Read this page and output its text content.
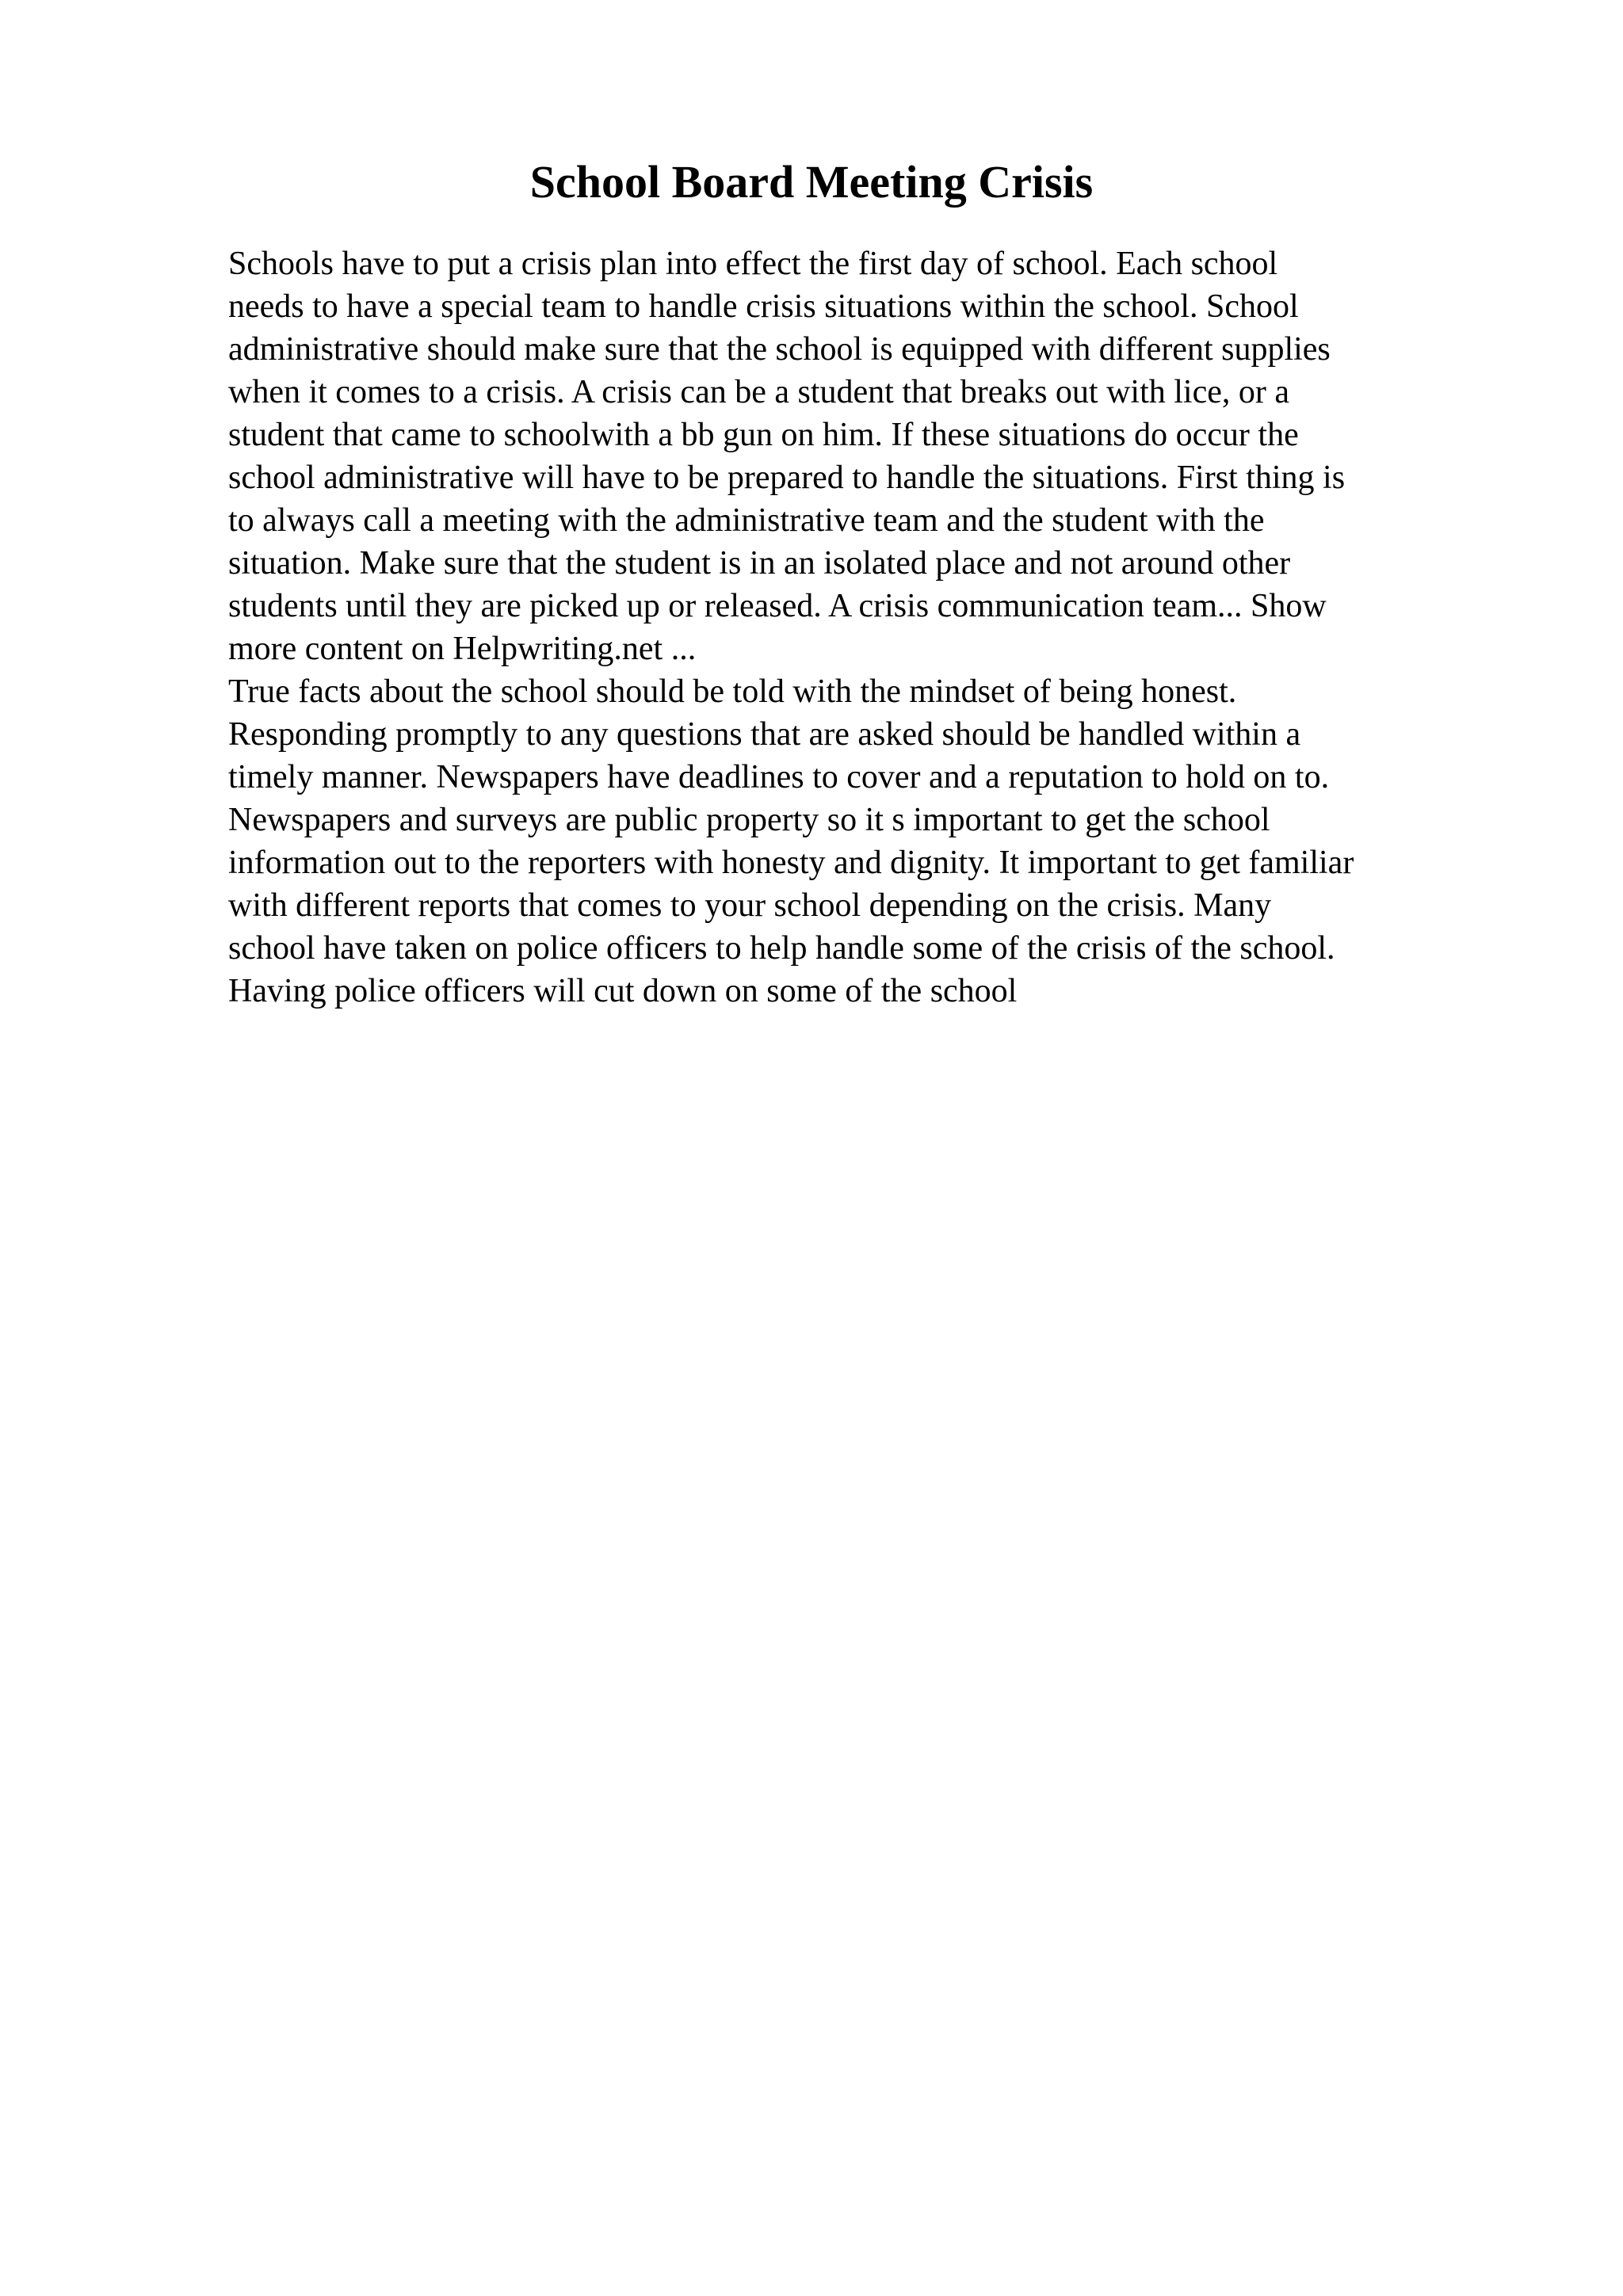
School Board Meeting Crisis
Schools have to put a crisis plan into effect the first day of school. Each school
needs to have a special team to handle crisis situations within the school. School
administrative should make sure that the school is equipped with different supplies
when it comes to a crisis. A crisis can be a student that breaks out with lice, or a
student that came to schoolwith a bb gun on him. If these situations do occur the
school administrative will have to be prepared to handle the situations. First thing is
to always call a meeting with the administrative team and the student with the
situation. Make sure that the student is in an isolated place and not around other
students until they are picked up or released. A crisis communication team... Show
more content on Helpwriting.net ...
True facts about the school should be told with the mindset of being honest.
Responding promptly to any questions that are asked should be handled within a
timely manner. Newspapers have deadlines to cover and a reputation to hold on to.
Newspapers and surveys are public property so it s important to get the school
information out to the reporters with honesty and dignity. It important to get familiar
with different reports that comes to your school depending on the crisis. Many
school have taken on police officers to help handle some of the crisis of the school.
Having police officers will cut down on some of the school
